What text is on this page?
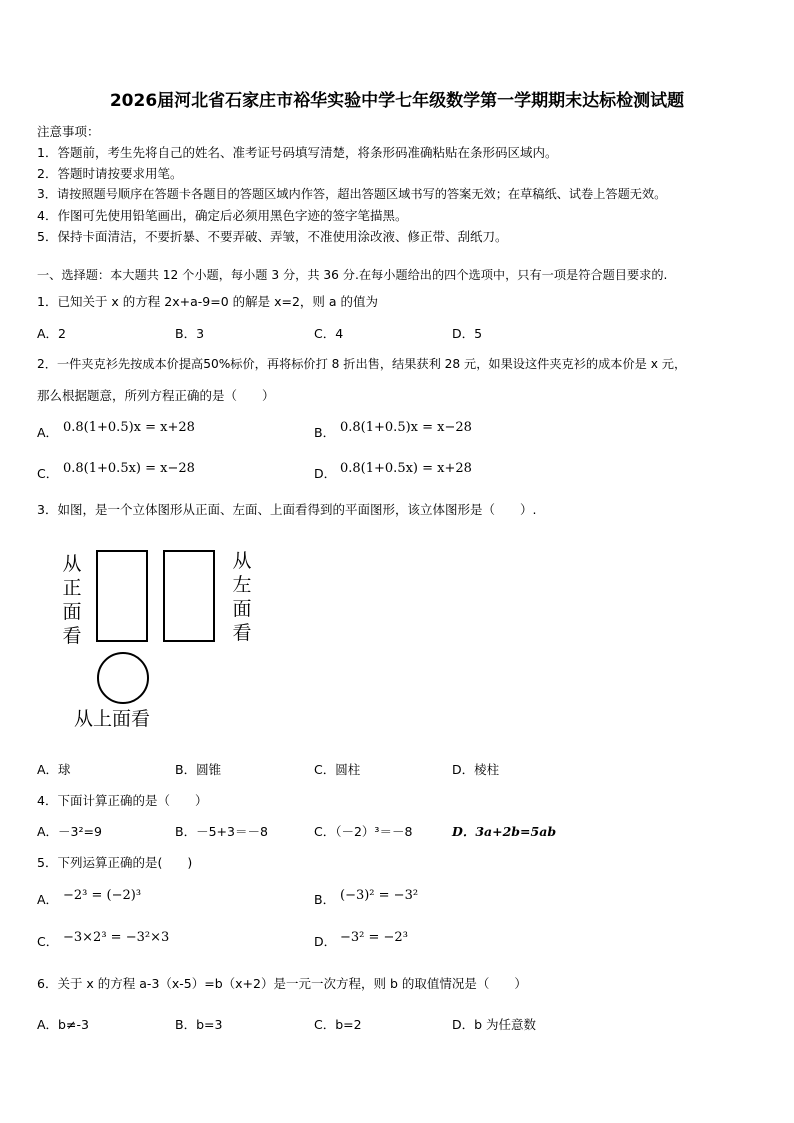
2026届河北省石家庄市裕华实验中学七年级数学第一学期期末达标检测试题
注意事项：
1．答题前，考生先将自己的姓名、准考证号码填写清楚，将条形码准确粘贴在条形码区域内。
2．答题时请按要求用笔。
3．请按照题号顺序在答题卡各题目的答题区域内作答，超出答题区域书写的答案无效；在草稿纸、试卷上答题无效。
4．作图可先使用铅笔画出，确定后必须用黑色字迹的签字笔描黑。
5．保持卡面清洁，不要折暴、不要弄破、弄皱，不准使用涂改液、修正带、刮纸刀。
一、选择题：本大题共 12 个小题，每小题 3 分，共 36 分.在每小题给出的四个选项中，只有一项是符合题目要求的.
1．已知关于 x 的方程 2x+a-9=0 的解是 x=2，则 a 的值为
A．2	B．3	C．4	D．5
2．一件夹克衫先按成本价提高50%标价，再将标价打 8 折出售，结果获利 28 元，如果设这件夹克衫的成本价是 x 元，
那么根据题意，所列方程正确的是（　　）
A． 0.8(1+0.5)x = x+28	B． 0.8(1+0.5)x = x−28
C． 0.8(1+0.5x) = x−28	D． 0.8(1+0.5x) = x+28
3．如图，是一个立体图形从正面、左面、上面看得到的平面图形，该立体图形是（　　）.
从
正
面
看
从
左
面
看
从上面看
A．球	B．圆锥	C．圆柱	D．棱柱
4．下面计算正确的是（　　）
A．－3²=9	B．－5+3＝－8	C．（－2）³＝－8	D．3a+2b=5ab
5．下列运算正确的是(　　)
A． −2³ = (−2)³	B． (−3)² = −3²
C． −3×2³ = −3²×3	D． −3² = −2³
6．关于 x 的方程 a-3（x-5）=b（x+2）是一元一次方程，则 b 的取值情况是（　　）
A．b≠-3	B．b=3	C．b=2	D．b 为任意数
